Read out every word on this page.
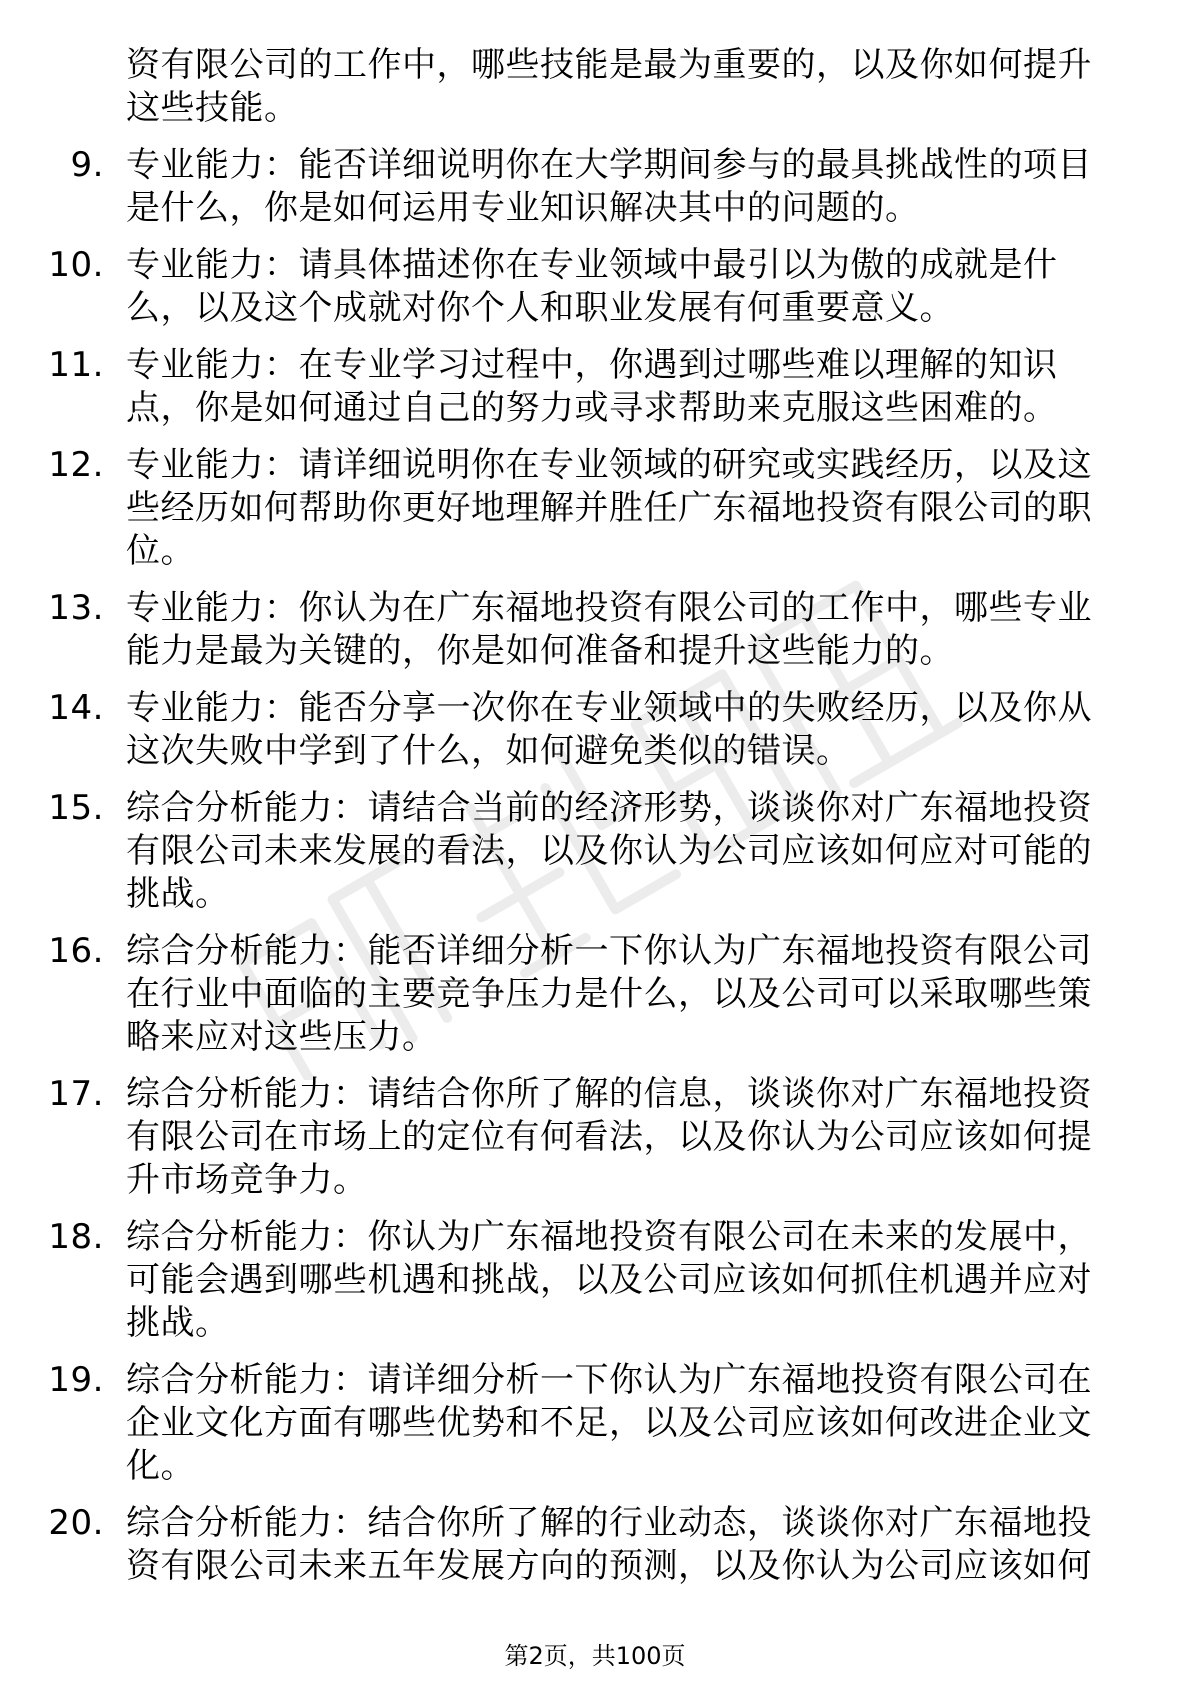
资有限公司的工作中，哪些技能是最为重要的，以及你如何提升这些技能。
9. 专业能力：能否详细说明你在大学期间参与的最具挑战性的项目是什么，你是如何运用专业知识解决其中的问题的。
10. 专业能力：请具体描述你在专业领域中最引以为傲的成就是什么，以及这个成就对你个人和职业发展有何重要意义。
11. 专业能力：在专业学习过程中，你遇到过哪些难以理解的知识点，你是如何通过自己的努力或寻求帮助来克服这些困难的。
12. 专业能力：请详细说明你在专业领域的研究或实践经历，以及这些经历如何帮助你更好地理解并胜任广东福地投资有限公司的职位。
13. 专业能力：你认为在广东福地投资有限公司的工作中，哪些专业能力是最为关键的，你是如何准备和提升这些能力的。
14. 专业能力：能否分享一次你在专业领域中的失败经历，以及你从这次失败中学到了什么，如何避免类似的错误。
15. 综合分析能力：请结合当前的经济形势，谈谈你对广东福地投资有限公司未来发展的看法，以及你认为公司应该如何应对可能的挑战。
16. 综合分析能力：能否详细分析一下你认为广东福地投资有限公司在行业中面临的主要竞争压力是什么，以及公司可以采取哪些策略来应对这些压力。
17. 综合分析能力：请结合你所了解的信息，谈谈你对广东福地投资有限公司在市场上的定位有何看法，以及你认为公司应该如何提升市场竞争力。
18. 综合分析能力：你认为广东福地投资有限公司在未来的发展中，可能会遇到哪些机遇和挑战，以及公司应该如何抓住机遇并应对挑战。
19. 综合分析能力：请详细分析一下你认为广东福地投资有限公司在企业文化方面有哪些优势和不足，以及公司应该如何改进企业文化。
20. 综合分析能力：结合你所了解的行业动态，谈谈你对广东福地投资有限公司未来五年发展方向的预测，以及你认为公司应该如何
第2页，共100页
